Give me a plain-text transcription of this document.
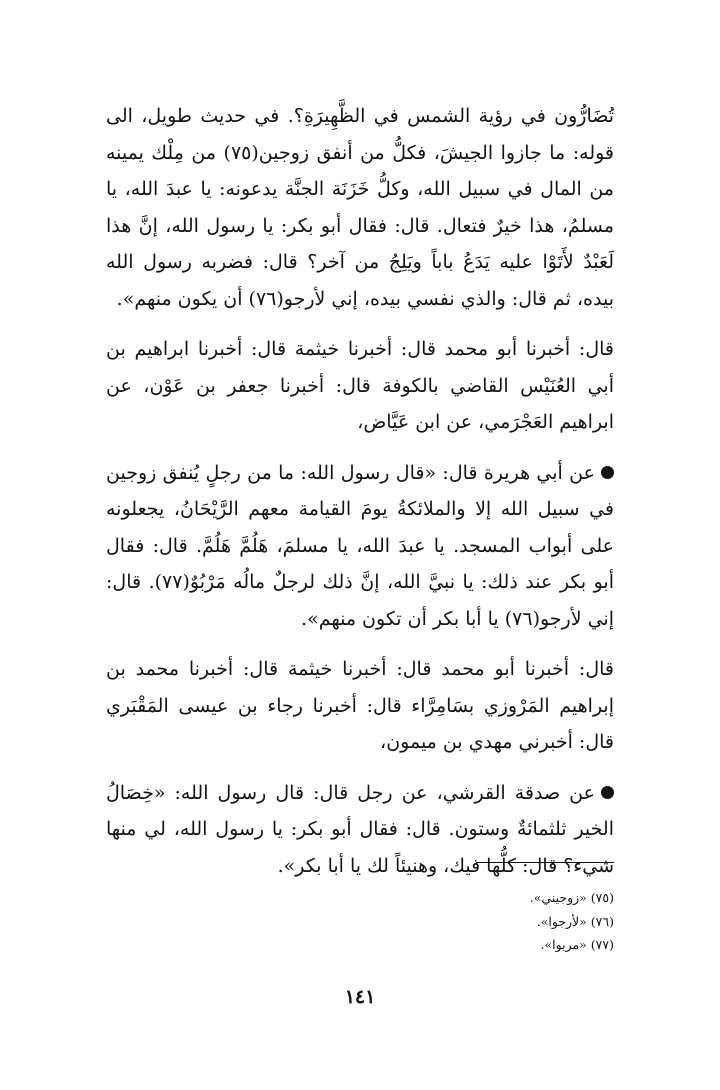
تُضَارُّون في رؤية الشمس في الظَّهِيرَةِ؟. في حديث طويل، الى قوله: ما جازوا الجيشَ، فكلُّ من أنفق زوجين(٧٥) من مِلْك يمينه من المال في سبيل الله، وكلُّ خَزَنَة الجنَّة يدعونه: يا عبدَ الله، يا مسلمُ، هذا خيرٌ فتعال. قال: فقال أبو بكر: يا رسول الله، إنَّ هذا لَعَبْدٌ لأَتَوْا عليه يَدَعُ باباً ويَلِجُ من آخر؟ قال: فضربه رسول الله بيده، ثم قال: والذي نفسي بيده، إني لأرجو(٧٦) أن يكون منهم».

قال: أخبرنا أبو محمد قال: أخبرنا خيثمة قال: أخبرنا ابراهيم بن أبي العُنَيْس القاضي بالكوفة قال: أخبرنا جعفر بن عَوْن، عن ابراهيم العَجْرَمي، عن ابن عَيَّاض،

عن أبي هريرة قال: «قال رسول الله: ما من رجلٍ يُنفق زوجين في سبيل الله إلا والملائكةُ يومَ القيامة معهم الرَّيْحَانُ، يجعلونه على أبواب المسجد. يا عبدَ الله، يا مسلمَ، هَلُمَّ هَلُمَّ. قال: فقال أبو بكر عند ذلك: يا نبيَّ الله، إنَّ ذلك لرجلٌ مالُه مَرْبُوٌ(٧٧). قال: إني لأرجو(٧٦) يا أبا بكر أن تكون منهم».

قال: أخبرنا أبو محمد قال: أخبرنا خيثمة قال: أخبرنا محمد بن إبراهيم المَرْوزي بسَامِرَّاء قال: أخبرنا رجاء بن عيسى المَقْبَري قال: أخبرني مهدي بن ميمون،

عن صدقة القرشي، عن رجل قال: قال رسول الله: «خِصَالُ الخير ثلثمائةٌ وستون. قال: فقال أبو بكر: يا رسول الله، لي منها شيء؟ قال: كلُّها فيك، وهنيئاً لك يا أبا بكر».

(٧٥) «زوجيني».

(٧٦) «لأرجوا».

(٧٧) «مربوا».

١٤١
